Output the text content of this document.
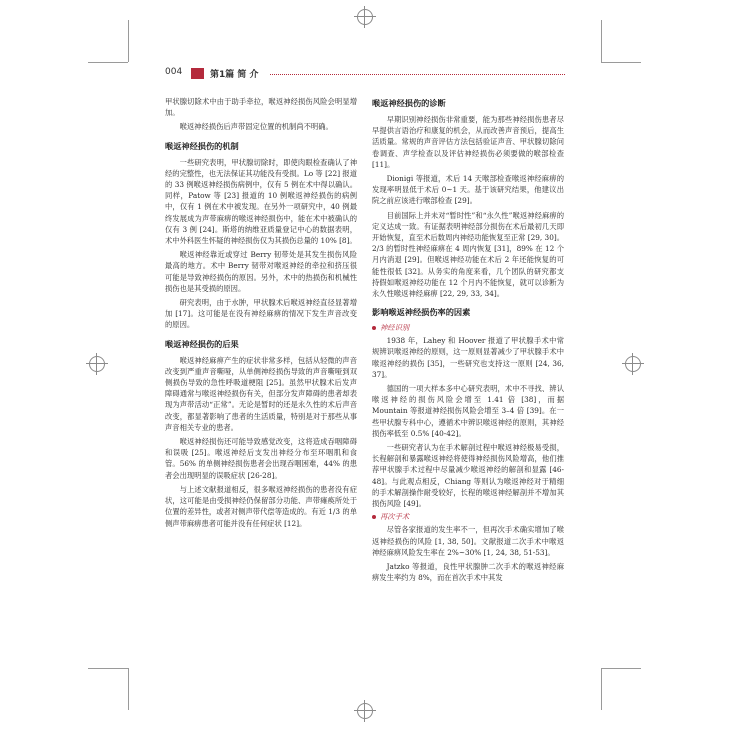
004	第1篇 简 介

甲状腺切除术中由于助手牵拉，喉返神经损伤风险会明显增加。

喉返神经损伤后声带固定位置的机制尚不明确。

喉返神经损伤的机制

一些研究表明，甲状腺切除时，即使肉眼检查确认了神经的完整性，也无法保证其功能没有受损。Lo 等 [22] 报道的 33 例喉返神经损伤病例中，仅有 5 例在术中得以确认。同样，Patow 等 [23] 报道的 10 例喉返神经损伤的病例中，仅有 1 例在术中被发现。在另外一项研究中，40 例最终发展成为声带麻痹的喉返神经损伤中，能在术中被确认的仅有 3 例 [24]。斯塔的纳维亚质量登记中心的数据表明，术中外科医生怀疑的神经损伤仅为其损伤总量的 10% [8]。

喉返神经靠近或穿过 Berry 韧带处是其发生损伤风险最高的地方。术中 Berry 韧带对喉返神经的牵拉和挤压很可能是导致神经损伤的原因。另外，术中的热损伤和机械性损伤也是其受损的原因。

研究表明，由于水肿，甲状腺术后喉返神经直径显著增加 [17]。这可能是在没有神经麻痹的情况下发生声音改变的原因。

喉返神经损伤的后果

喉返神经麻痹产生的症状非常多样，包括从轻微的声音改变到严重声音嘶哑，从单侧神经损伤导致的声音嘶哑到双侧损伤导致的急性呼吸道梗阻 [25]。虽然甲状腺术后发声障碍通常与喉返神经损伤有关，但部分发声障碍的患者却表现为声带活动“正常”。无论是暂时的还是永久性的术后声音改变，都显著影响了患者的生活质量，特别是对于那些从事声音相关专业的患者。

喉返神经损伤还可能导致感觉改变，这将造成吞咽障碍和误吸 [25]。喉返神经后支发出神经分布至环咽肌和食管。56% 的单侧神经损伤患者会出现吞咽困难，44% 的患者会出现明显的误吸症状 [26-28]。

与上述文献报道相反，很多喉返神经损伤的患者没有症状，这可能是由受损神经仍保留部分功能、声带瘫痪所处于位置的差异性，或者对侧声带代偿等造成的。有近 1/3 的单侧声带麻痹患者可能并没有任何症状 [12]。

喉返神经损伤的诊断

早期识别神经损伤非常重要，能为那些神经损伤患者尽早提供言语治疗和康复的机会，从而改善声音预后，提高生活质量。常规的声音评估方法包括验证声音、甲状腺切除问卷调查、声学检查以及评估神经损伤必须要做的喉部检查 [11]。

Dionigi 等报道，术后 14 天喉部检查喉返神经麻痹的发现率明显低于术后 0~1 天。基于该研究结果，他建议出院之前应该进行喉部检查 [29]。

目前国际上并未对“暂时性”和“永久性”喉返神经麻痹的定义达成一致。有证据表明神经部分损伤在术后最初几天即开始恢复，直至术后数周内神经功能恢复至正常 [29, 30]。2/3 的暂时性神经麻痹在 4 周内恢复 [31]，89% 在 12 个月内消退 [29]。但喉返神经功能在术后 2 年还能恢复的可能性很低 [32]。从务实的角度来看，几个团队的研究都支持假如喉返神经功能在 12 个月内不能恢复，就可以诊断为永久性喉返神经麻痹 [22, 29, 33, 34]。

影响喉返神经损伤率的因素
神经识别

1938 年，Lahey 和 Hoover 报道了甲状腺手术中常规辨识喉返神经的原则，这一原则显著减少了甲状腺手术中喉返神经的损伤 [35]，一些研究也支持这一原则 [24, 36, 37]。

德国的一项大样本多中心研究表明，术中不寻找、辨认喉返神经的损伤风险会增至 1.41 倍 [38]，而据 Mountain 等报道神经损伤风险会增至 3–4 倍 [39]。在一些甲状腺专科中心，遵循术中辨识喉返神经的原则，其神经损伤率低至 0.5% [40-42]。

一些研究者认为在手术解剖过程中喉返神经极易受损，长程解剖和暴露喉返神经将使得神经损伤风险增高，他们推荐甲状腺手术过程中尽量减少喉返神经的解剖和显露 [46-48]。与此观点相反，Chiang 等则认为喉返神经对于精细的手术解剖操作耐受较好，长程的喉返神经解剖并不增加其损伤风险 [49]。

再次手术

尽管各家报道的发生率不一，但再次手术确实增加了喉返神经损伤的风险 [1, 38, 50]。文献报道二次手术中喉返神经麻痹风险发生率在 2%~30% [1, 24, 38, 51-53]。

Jatzko 等报道，良性甲状腺肿二次手术的喉返神经麻痹发生率约为 8%，而在首次手术中其发
